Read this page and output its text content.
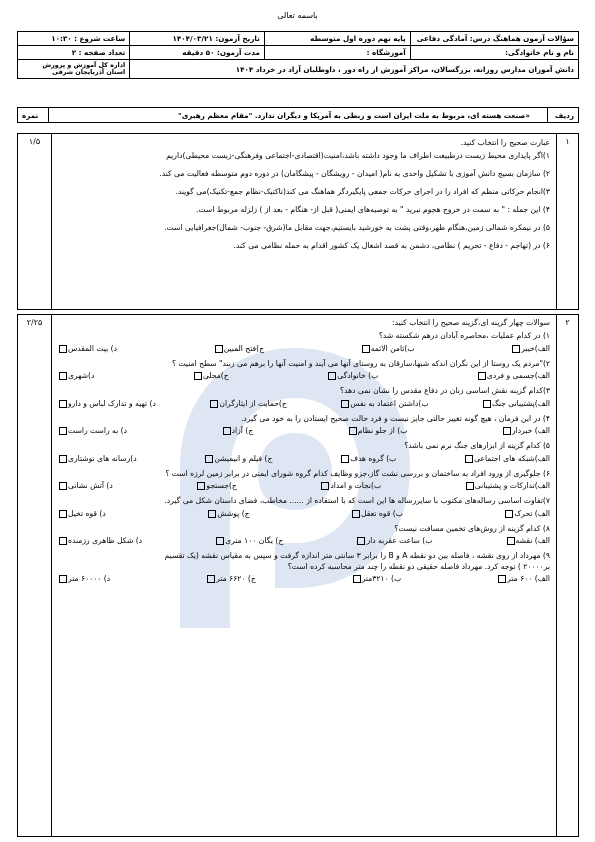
باسمه تعالی
سؤالات آزمون هماهنگ درس: آمادگی دفاعی	پایه نهم دوره اول متوسطه	تاریخ آزمون: ۱۴۰۴/۰۳/۲۱	ساعت شروع : ۱۰:۳۰
نام و نام خانوادگی:	آموزشگاه :	مدت آزمون: ۵۰ دقیقه	تعداد صفحه : ۲
دانش آموزان مدارس روزانه، بزرگسالان، مراکز آموزش از راه دور ، داوطلبان آزاد در خرداد ۱۴۰۴			اداره کل آموزش و پرورش استان آذربایجان شرقی
ردیف
«صنعت هسته ای، مربوط به ملت ایران است و ربطی به آمریکا و دیگران ندارد. "مقام معظم رهبری"
نمره
۱
۱/۵	عبارت صحیح را انتخاب کنید.
۱)اگر پایداری محیط زیست درطبیعت اطراف ما وجود داشته باشد،امنیت(اقتصادی-اجتماعی وفرهنگی-زیست محیطی)داریم
۲) سازمان بسیج دانش آموزی با تشکیل واحدی به نام( امیدان - رویشگان - پیشگامان) در دوره دوم متوسطه فعالیت می کند.
۳)انجام حرکاتی منظم که افراد را در اجرای حرکات جمعی پایگیردگر هماهنگ می کند(تاکتیک-نظام جمع-تکنیک)می گویند.
۴) این جمله : " به سمت در خروج هجوم نبرید " به توصیه‌های ایمنی( قبل از- هنگام - بعد از ) زلزله مربوط است.
۵) در نیمکره شمالی زمین،هنگام ظهر،وقتی پشت به خورشید بایستیم،جهت مقابل ما(شرق- جنوب- شمال)جغرافیایی است.
۶) در (تهاجم - دفاع - تحریم ) نظامی، دشمن به قصد اشغال یک کشور اقدام به حمله نظامی می کند.
۲
۲/۲۵	سوالات چهار گزینه ای،گزینه صحیح را انتخاب کنید:
۱) در کدام عملیات ،محاصره آبادان درهم شکسته شد؟
الف)خیبر
ب)ثامن الائمه
ج)فتح المبین
د) بیت المقدس
۲)"مردم یک روستا از این نگران اندکه شبها،سارقان به روستای آنها می آیند و امنیت آنها را برهم می زنند" سطح امنیت ؟
الف)جسمی و فردی
ب) خانوادگی
ج)محلی
د)شهری
۳)کدام گزینه نقش اساسی زنان در دفاع مقدس را نشان نمی دهد؟
الف)پشتیبانی جنگ
ب)داشتن اعتماد به نفس
ج)حمایت از ایثارگران
د) تهیه و تدارک لباس و دارو
۴) در این فرمان ، هیچ گونه تغییر حالتی جایز نیست و فرد حالت صحیح ایستادن را به خود می گیرد.
الف) خبردار
ب) از جلو نظام
ج) آزاد
د) به راست راست
۵) کدام گزینه از ابزارهای جنگ نرم نمی باشد؟
الف)شبکه های اجتماعی
ب) گروه هدف
ج) فیلم و انیمیشن
د)رسانه های نوشتاری
۶) جلوگیری از ورود افراد به ساختمان و بررسی نشت گاز،جزو وظایف کدام گروه شورای ایمنی در برابر زمین لرزه است ؟
الف)تدارکات و پشتیبانی
ب)نجات و امداد
ج)جستجو
د) آتش نشانی
۷)تفاوت اساسی رساله‌های مکتوب با سایررساله ها این است که با استفاده از ...... مخاطب، فضای داستان شکل می گیرد.
الف) تحرک
ب) قوه تعقل
ج) پوشش
د) قوه تخیل
۸) کدام گزینه از روش‌های تخمین مسافت نیست؟
الف) نقشه
ب) ساعت عقربه دار
ج) یگان ۱۰۰ متری
د) شکل ظاهری رزمنده
۹) مهرداد از روی نقشه ، فاصله بین دو نقطه A و B را برابر ۳ سانتی متر اندازه گرفت و سپس به مقیاس نقشه (یک تقسیم
بر۲۰۰۰۰ ) توجه کرد. مهرداد فاصله حقیقی دو نقطه را چند متر محاسبه کرده است؟
الف) ۶۰۰ متر
ب) ۳۲۱۰متر
ج) ۶۶۲۰ متر
د) ۶۰۰۰۰ متر
